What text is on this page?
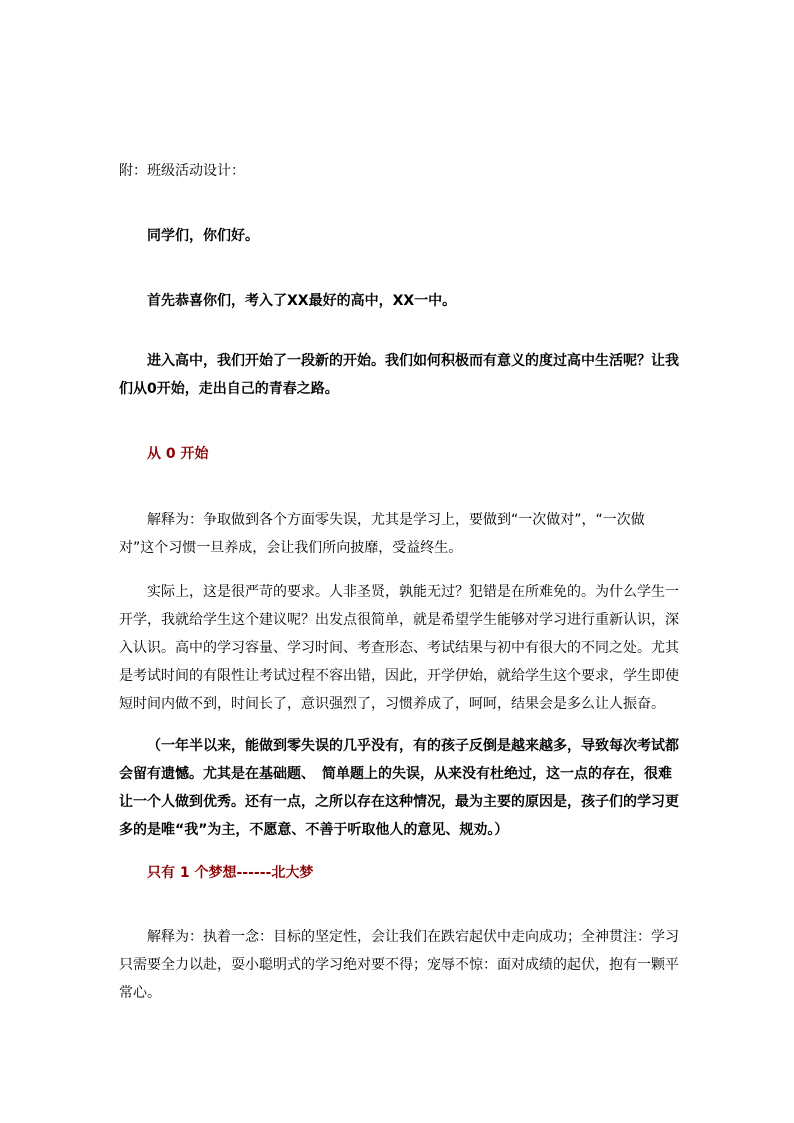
附：班级活动设计：

同学们，你们好。

首先恭喜你们，考入了XX最好的高中，XX一中。

进入高中，我们开始了一段新的开始。我们如何积极而有意义的度过高中生活呢？让我们从0开始，走出自己的青春之路。

从 0 开始

解释为：争取做到各个方面零失误，尤其是学习上，要做到“一次做对”，“一次做对”这个习惯一旦养成，会让我们所向披靡，受益终生。

实际上，这是很严苛的要求。人非圣贤，孰能无过？犯错是在所难免的。为什么学生一开学，我就给学生这个建议呢？出发点很简单，就是希望学生能够对学习进行重新认识，深入认识。高中的学习容量、学习时间、考查形态、考试结果与初中有很大的不同之处。尤其是考试时间的有限性让考试过程不容出错，因此，开学伊始，就给学生这个要求，学生即使短时间内做不到，时间长了，意识强烈了，习惯养成了，呵呵，结果会是多么让人振奋。

（一年半以来，能做到零失误的几乎没有，有的孩子反倒是越来越多，导致每次考试都会留有遗憾。尤其是在基础题、　简单题上的失误，从来没有杜绝过，这一点的存在，很难让一个人做到优秀。还有一点，之所以存在这种情况，最为主要的原因是，孩子们的学习更多的是唯“我”为主，不愿意、不善于听取他人的意见、规劝。）

只有 1 个梦想------北大梦

解释为：执着一念：目标的坚定性，会让我们在跌宕起伏中走向成功；全神贯注：学习只需要全力以赴，耍小聪明式的学习绝对要不得；宠辱不惊：面对成绩的起伏，抱有一颗平常心。
